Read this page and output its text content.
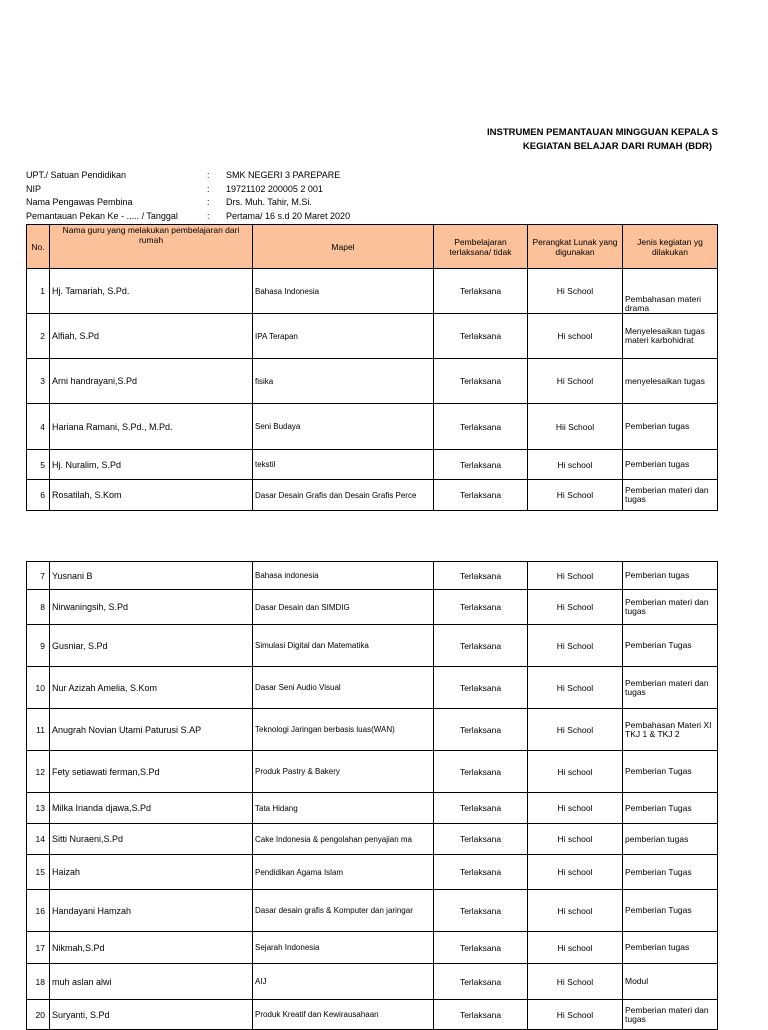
INSTRUMEN PEMANTAUAN MINGGUAN KEPALA S
KEGIATAN BELAJAR DARI RUMAH (BDR)
UPT./ Satuan Pendidikan	: SMK NEGERI 3 PAREPARE
NIP	: 19721102 200005 2 001
Nama Pengawas Pembina	: Drs. Muh. Tahir, M.Si.
Pemantauan Pekan Ke - ..... / Tanggal	: Pertama/ 16 s.d 20 Maret 2020
No.	Nama guru yang melakukan pembelajaran dari rumah	Mapel	Pembelajaran terlaksana/ tidak	Perangkat Lunak yang digunakan	Jenis kegiatan yg dilakukan
1	Hj. Tamariah, S.Pd.	Bahasa Indonesia	Terlaksana	Hi School	Pembahasan materi drama
2	Alfiah, S.Pd	IPA Terapan	Terlaksana	Hi school	Menyelesaikan tugas materi karbohidrat
3	Arni handrayani,S.Pd	fisika	Terlaksana	Hi School	menyelesaikan tugas
4	Hariana Ramani, S.Pd., M.Pd.	Seni Budaya	Terlaksana	Hii School	Pemberian tugas
5	Hj. Nuralim, S.Pd	tekstil	Terlaksana	Hi school	Pemberian tugas
6	Rosatilah, S.Kom	Dasar Desain Grafis dan Desain Grafis Perce	Terlaksana	Hi School	Pemberian materi dan tugas
7	Yusnani B	Bahasa indonesia	Terlaksana	Hi School	Pemberian tugas
8	Nirwaningsih, S.Pd	Dasar Desain dan SIMDIG	Terlaksana	Hi School	Pemberian materi dan tugas
9	Gusniar, S.Pd	Simulasi Digital dan Matematika	Terlaksana	Hi School	Pemberian Tugas
10	Nur Azizah Amelia, S.Kom	Dasar Seni Audio Visual	Terlaksana	Hi School	Pemberian materi dan tugas
11	Anugrah Novian Utami Paturusi S.AP	Teknologi Jaringan berbasis luas(WAN)	Terlaksana	Hi School	Pembahasan Materi XI TKJ 1 & TKJ 2
12	Fety setiawati ferman,S.Pd	Produk Pastry & Bakery	Terlaksana	Hi school	Pemberian Tugas
13	Milka Irianda djawa,S.Pd	Tata Hidang	Terlaksana	Hi school	Pemberian Tugas
14	Sitti Nuraeni,S.Pd	Cake Indonesia & pengolahan penyajian ma	Terlaksana	Hi school	pemberian tugas
15	Haizah	Pendidikan Agama Islam	Terlaksana	Hi school	Pemberian Tugas
16	Handayani Hamzah	Dasar desain grafis & Komputer dan jaringar	Terlaksana	Hi school	Pemberian Tugas
17	Nikmah,S.Pd	Sejarah Indonesia	Terlaksana	Hi school	Pemberian tugas
18	muh aslan alwi	AIJ	Terlaksana	Hi School	Modul
20	Suryanti, S.Pd	Produk Kreatif dan Kewirausahaan	Terlaksana	Hi School	Pemberian materi dan tugas
